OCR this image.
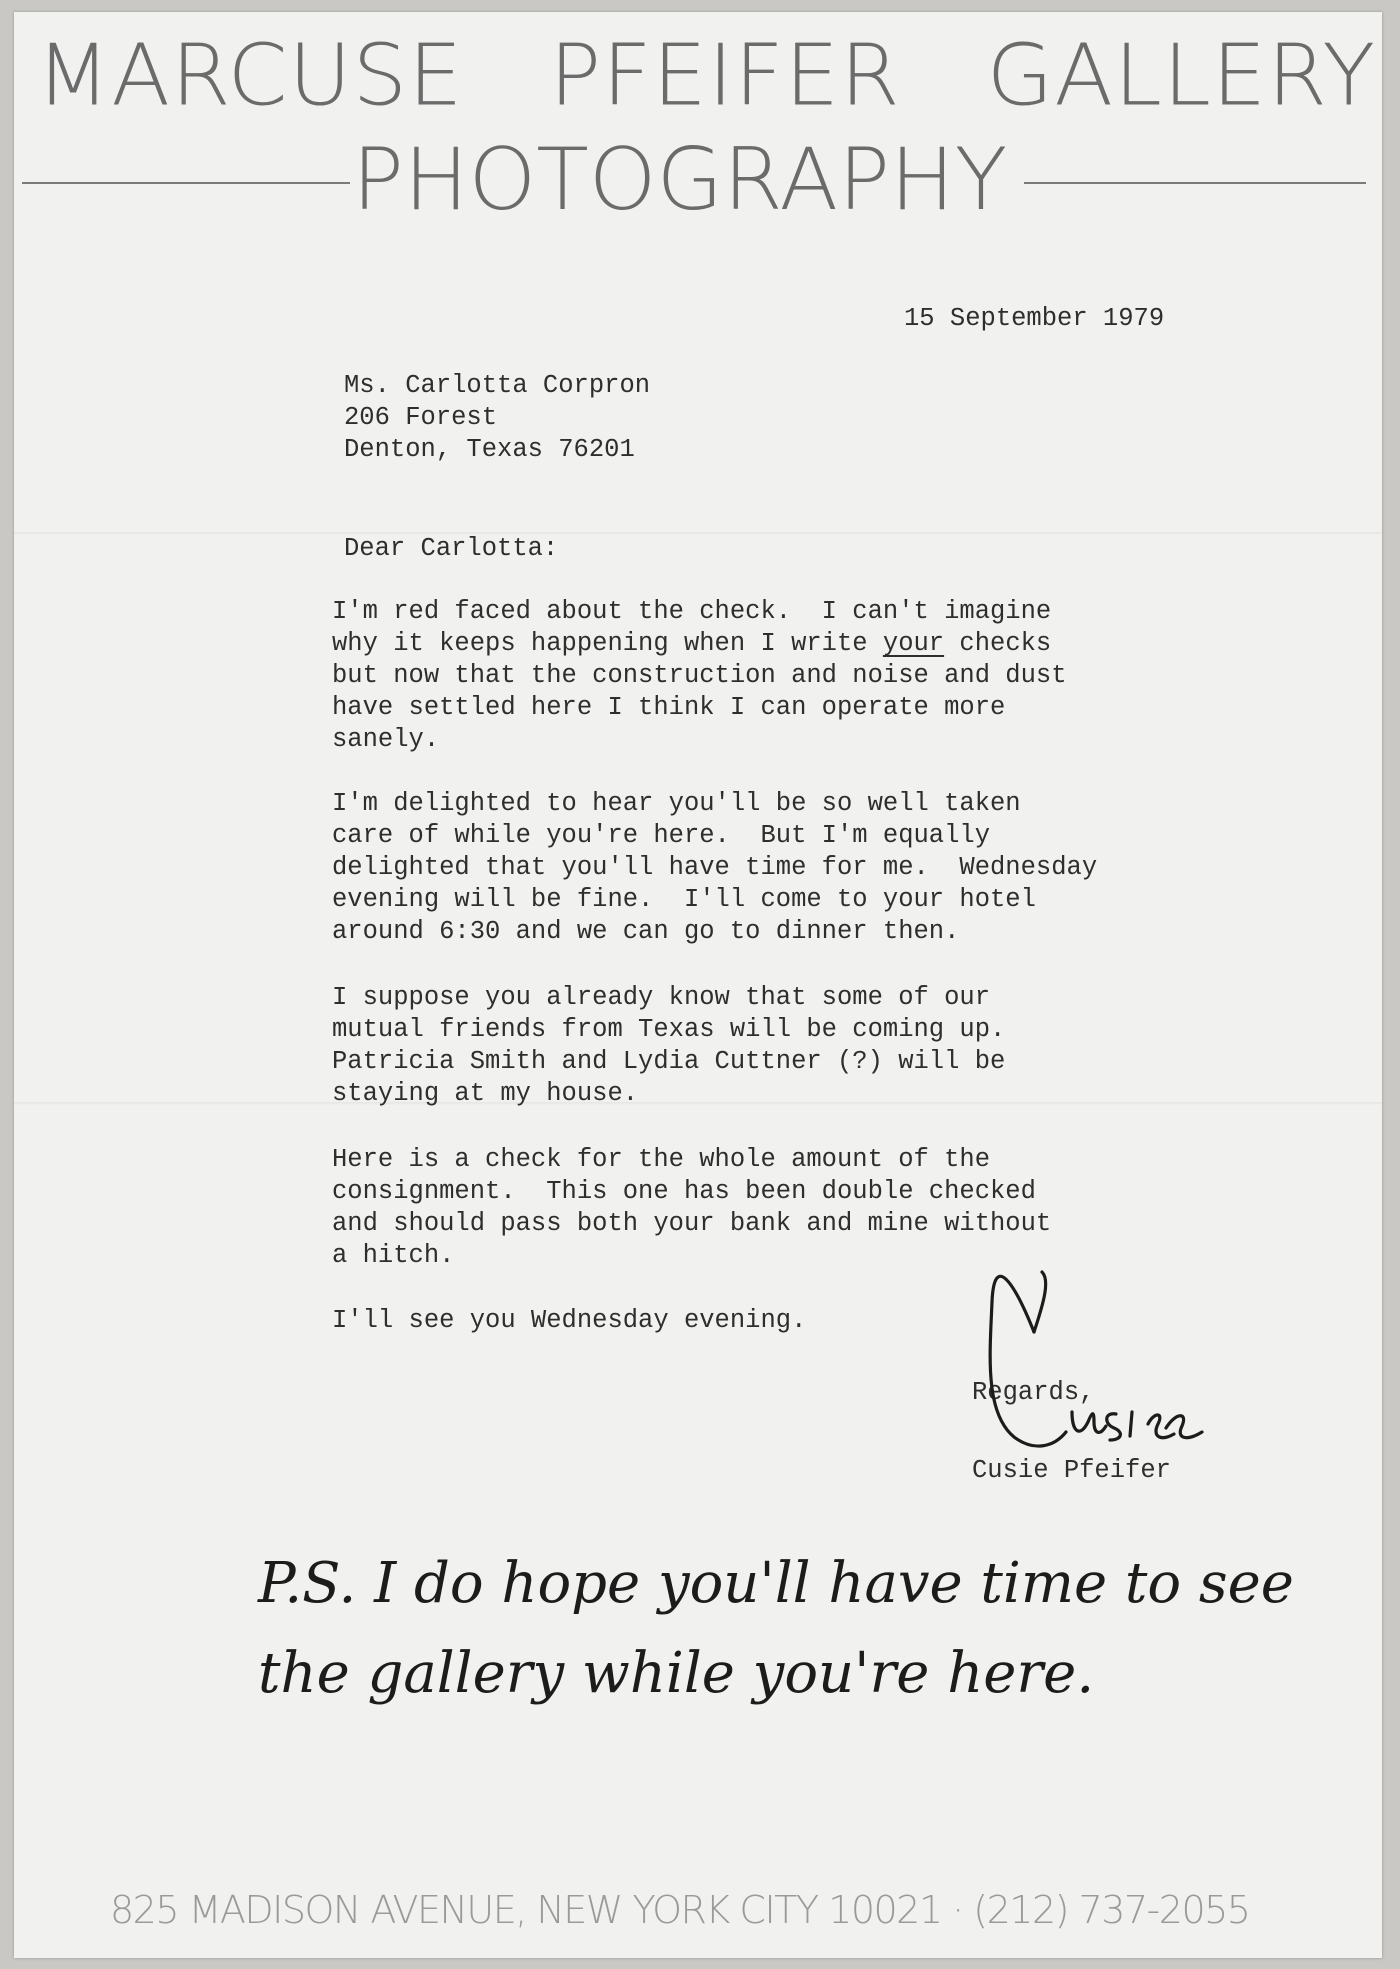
MARCUSE PFEIFER GALLERY
PHOTOGRAPHY
15 September 1979
Ms. Carlotta Corpron
206 Forest
Denton, Texas 76201
Dear Carlotta:
I'm red faced about the check.  I can't imagine
why it keeps happening when I write your checks
but now that the construction and noise and dust
have settled here I think I can operate more
sanely.
I'm delighted to hear you'll be so well taken
care of while you're here.  But I'm equally
delighted that you'll have time for me.  Wednesday
evening will be fine.  I'll come to your hotel
around 6:30 and we can go to dinner then.
I suppose you already know that some of our
mutual friends from Texas will be coming up.
Patricia Smith and Lydia Cuttner (?) will be
staying at my house.
Here is a check for the whole amount of the
consignment.  This one has been double checked
and should pass both your bank and mine without
a hitch.
I'll see you Wednesday evening.
Regards,
Cusie Pfeifer
P.S. I do hope you'll have time to see
the gallery while you're here.
825 MADISON AVENUE, NEW YORK CITY 10021 · (212) 737-2055
